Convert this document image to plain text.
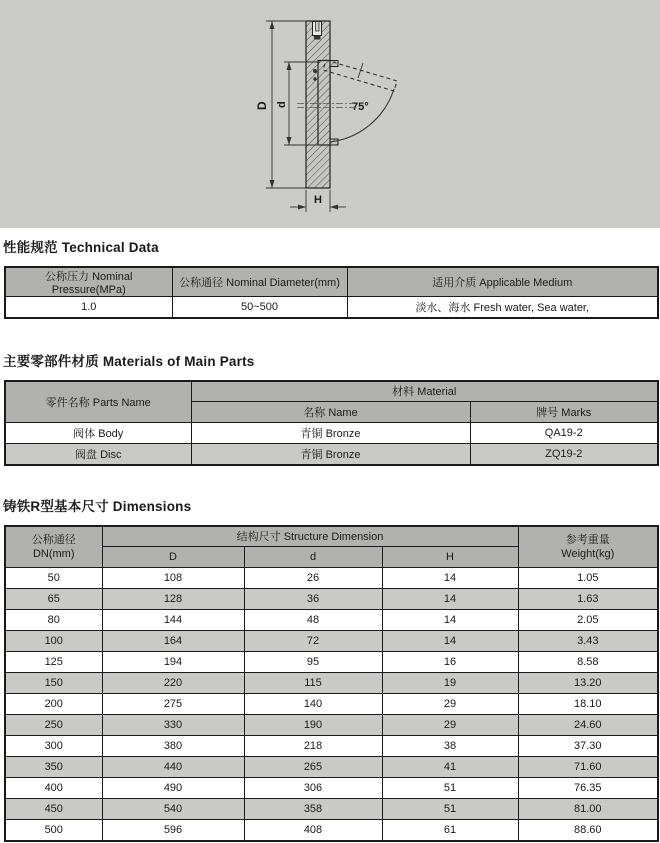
75°
D d
H
性能规范 Technical Data
公称压力 Nominal Pressure(MPa)	公称通径 Nominal Diameter(mm)	适用介质 Applicable Medium
1.0	50~500	淡水、海水 Fresh water, Sea water,
主要零部件材质 Materials of Main Parts
零件名称 Parts Name	材料 Material	
	名称 Name	牌号 Marks
阀体 Body	青铜 Bronze	QA19-2
阀盘 Disc	青铜 Bronze	ZQ19-2
铸铁R型基本尺寸 Dimensions
公称通径
DN(mm)	结构尺寸 Structure Dimension			参考重量
Weight(kg)

	D	d	H	
50	108	26	14	1.05
65	128	36	14	1.63
80	144	48	14	2.05
100	164	72	14	3.43
125	194	95	16	8.58
150	220	115	19	13.20
200	275	140	29	18.10
250	330	190	29	24.60
300	380	218	38	37.30
350	440	265	41	71.60
400	490	306	51	76.35
450	540	358	51	81.00
500	596	408	61	88.60
